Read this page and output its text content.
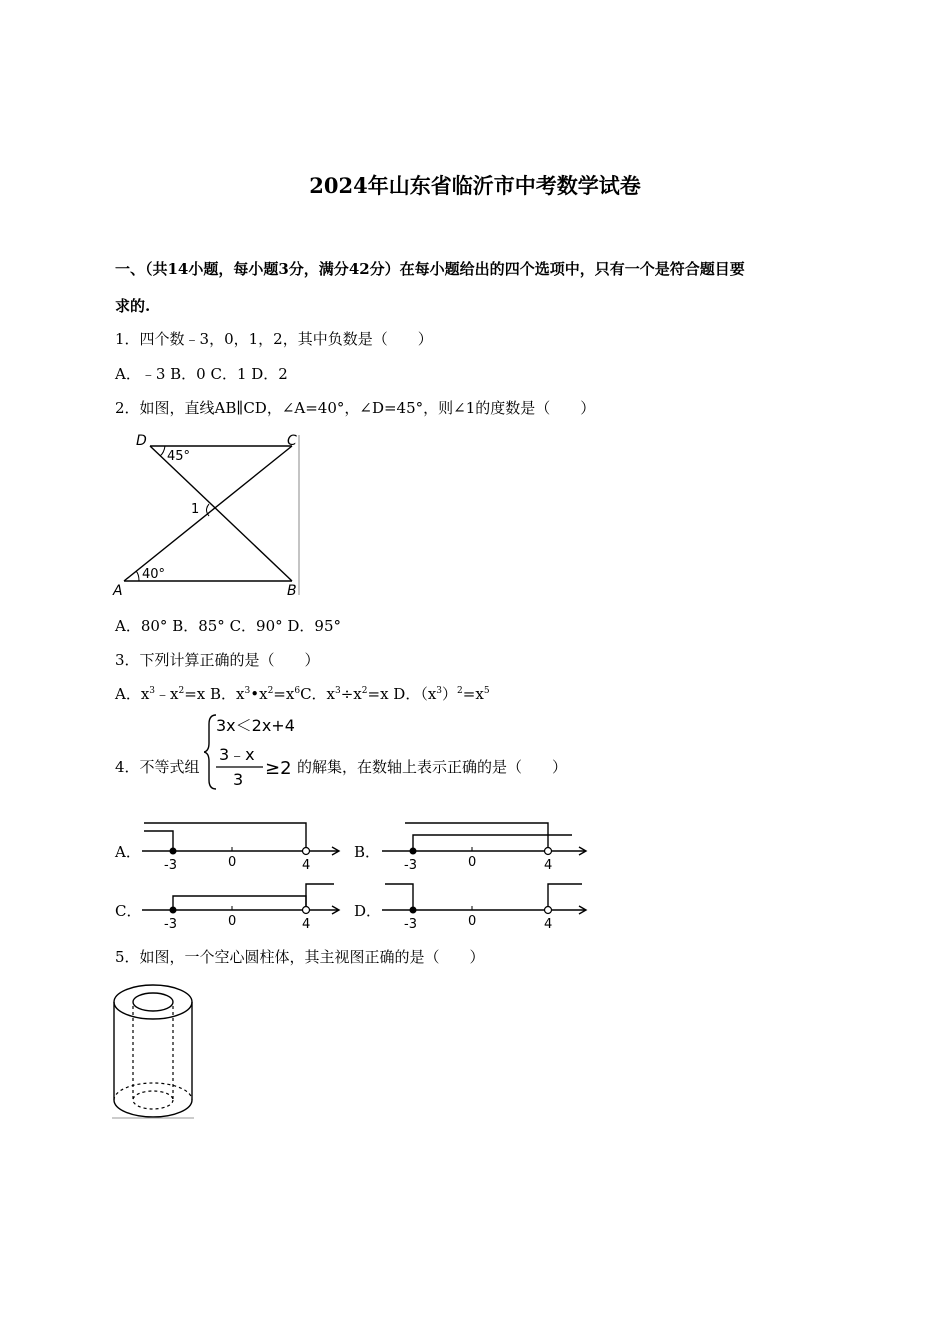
2024年山东省临沂市中考数学试卷
一、（共14小题，每小题3分，满分42分）在每小题给出的四个选项中，只有一个是符合题目要
求的.
1．四个数﹣3，0，1，2，其中负数是（　　）
A．﹣3 B．0 C．1 D．2
2．如图，直线AB∥CD，∠A=40°，∠D=45°，则∠1的度数是（　　）
D	C
A	B
45°
40°
1
A．80° B．85° C．90° D．95°
3．下列计算正确的是（　　）
A．$x^3﹣x^2=x$ B．$x^3•x^2=x^6C$．$x^3\div x^2=x$ D．$(x^3)^2=x^5$
4．不等式组
3x＜2x+4
3﹣x
3
≥2 的解集，在数轴上表示正确的是（　　）
A．	B．
C．	D．
-3	0	4	-3	0	4
-3	0	4	-3	0	4
5．如图，一个空心圆柱体，其主视图正确的是（　　）
